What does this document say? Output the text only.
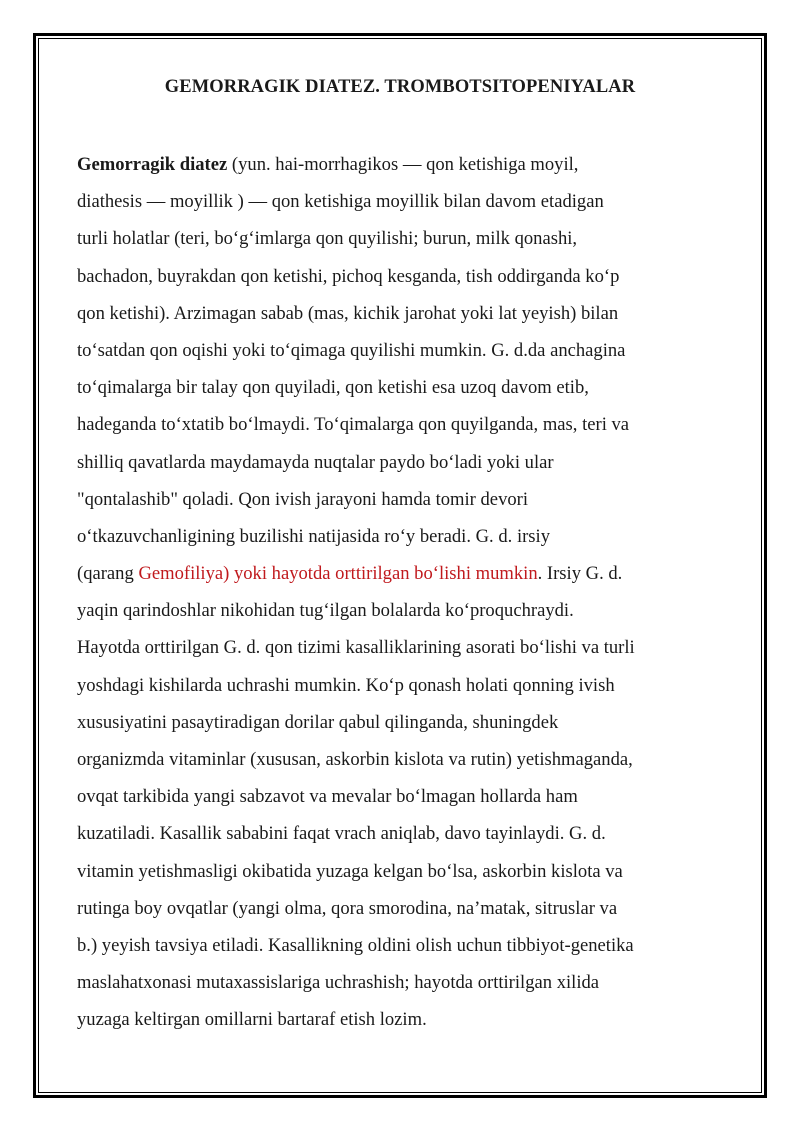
GEMORRAGIK DIATEZ. TROMBOTSITOPENIYALAR
Gemorragik diatez (yun. hai-morrhagikos — qon ketishiga moyil,
diathesis — moyillik ) — qon ketishiga moyillik bilan davom etadigan
turli holatlar (teri, bo‘g‘imlarga qon quyilishi; burun, milk qonashi,
bachadon, buyrakdan qon ketishi, pichoq kesganda, tish oddirganda ko‘p
qon ketishi). Arzimagan sabab (mas, kichik jarohat yoki lat yeyish) bilan
to‘satdan qon oqishi yoki to‘qimaga quyilishi mumkin. G. d.da anchagina
to‘qimalarga bir talay qon quyiladi, qon ketishi esa uzoq davom etib,
hadeganda to‘xtatib bo‘lmaydi. To‘qimalarga qon quyilganda, mas, teri va
shilliq qavatlarda maydamayda nuqtalar paydo bo‘ladi yoki ular
"qontalashib" qoladi. Qon ivish jarayoni hamda tomir devori
o‘tkazuvchanligining buzilishi natijasida ro‘y beradi. G. d. irsiy
(qarang Gemofiliya) yoki hayotda orttirilgan bo‘lishi mumkin. Irsiy G. d.
yaqin qarindoshlar nikohidan tug‘ilgan bolalarda ko‘proquchraydi.
Hayotda orttirilgan G. d. qon tizimi kasalliklarining asorati bo‘lishi va turli
yoshdagi kishilarda uchrashi mumkin. Ko‘p qonash holati qonning ivish
xususiyatini pasaytiradigan dorilar qabul qilinganda, shuningdek
organizmda vitaminlar (xususan, askorbin kislota va rutin) yetishmaganda,
ovqat tarkibida yangi sabzavot va mevalar bo‘lmagan hollarda ham
kuzatiladi. Kasallik sababini faqat vrach aniqlab, davo tayinlaydi. G. d.
vitamin yetishmasligi okibatida yuzaga kelgan bo‘lsa, askorbin kislota va
rutinga boy ovqatlar (yangi olma, qora smorodina, na’matak, sitruslar va
b.) yeyish tavsiya etiladi. Kasallikning oldini olish uchun tibbiyot-genetika
maslahatxonasi mutaxassislariga uchrashish; hayotda orttirilgan xilida
yuzaga keltirgan omillarni bartaraf etish lozim.
